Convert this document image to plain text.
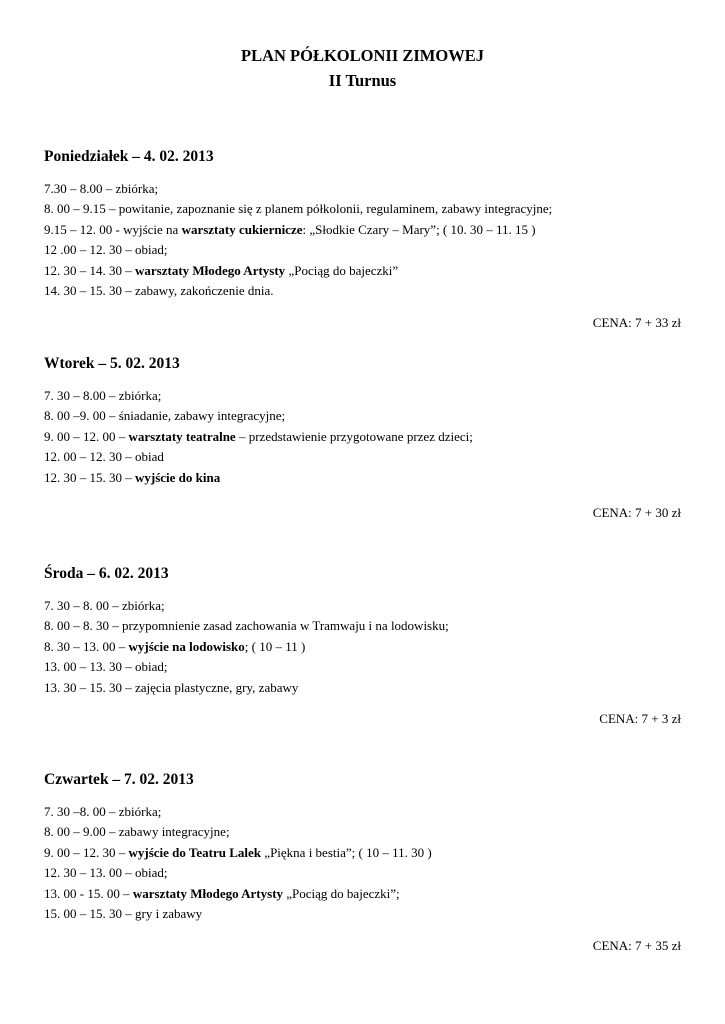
PLAN PÓŁKOLONII ZIMOWEJ
II Turnus
Poniedziałek – 4. 02. 2013

7.30 – 8.00 – zbiórka;

8. 00 – 9.15 – powitanie, zapoznanie się z planem półkolonii, regulaminem, zabawy integracyjne;

9.15 – 12. 00 - wyjście na warsztaty cukiernicze: „Słodkie Czary – Mary”; ( 10. 30 – 11. 15 )

12 .00 – 12. 30 – obiad;

12. 30 – 14. 30 – warsztaty Młodego Artysty „Pociąg do bajeczki”

14. 30 – 15. 30 – zabawy, zakończenie dnia.

CENA: 7 + 33 zł
Wtorek – 5. 02. 2013

7. 30 – 8.00 – zbiórka;

8. 00 –9. 00 – śniadanie, zabawy integracyjne;

9. 00 – 12. 00 – warsztaty teatralne – przedstawienie przygotowane przez dzieci;

12. 00 – 12. 30 – obiad

12. 30 – 15. 30 – wyjście do kina

CENA: 7 + 30 zł
Środa – 6. 02. 2013

7. 30 – 8. 00 – zbiórka;

8. 00 – 8. 30 – przypomnienie zasad zachowania w Tramwaju i na lodowisku;

8. 30 – 13. 00 – wyjście na lodowisko; ( 10 – 11 )

13. 00 – 13. 30 – obiad;

13. 30 – 15. 30 – zajęcia plastyczne, gry, zabawy

CENA: 7 + 3 zł
Czwartek – 7. 02. 2013

7. 30 –8. 00 – zbiórka;

8. 00 – 9.00 – zabawy integracyjne;

9. 00 – 12. 30 – wyjście do Teatru Lalek „Piękna i bestia”; ( 10 – 11. 30 )

12. 30 – 13. 00 – obiad;

13. 00 - 15. 00 – warsztaty Młodego Artysty „Pociąg do bajeczki”;

15. 00 – 15. 30 – gry i zabawy

CENA: 7 + 35 zł
